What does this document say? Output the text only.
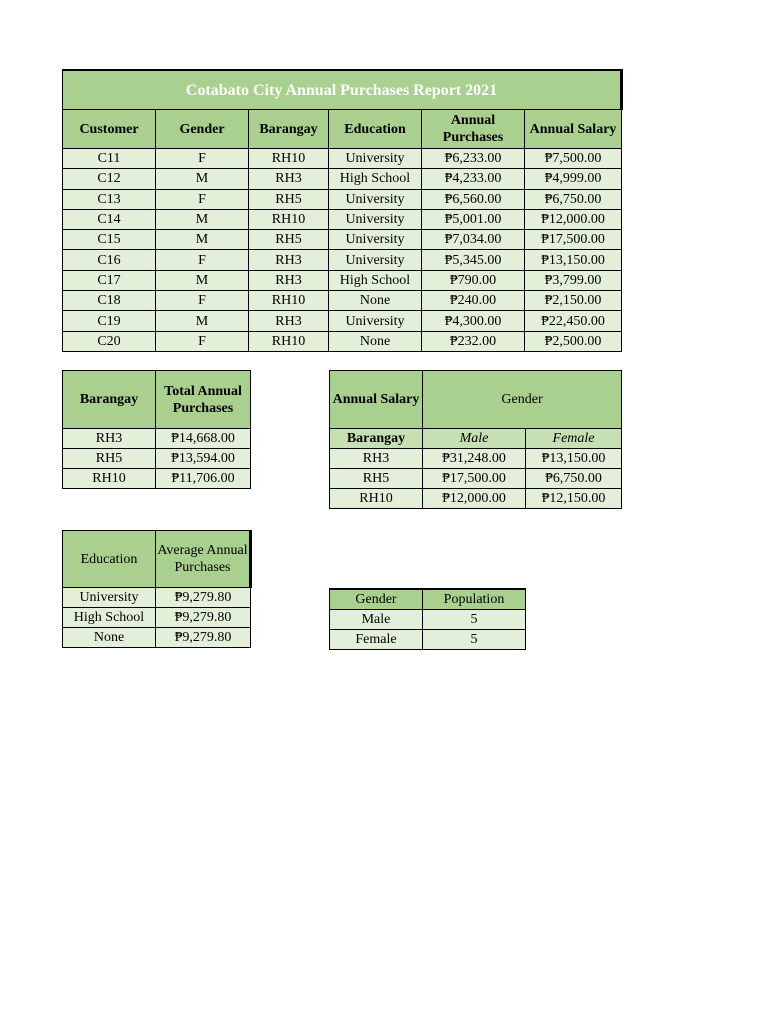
Cotabato City Annual Purchases Report 2021					
Customer	Gender	Barangay	Education	Annual Purchases	Annual Salary
C11	F	RH10	University	₱6,233.00	₱7,500.00
C12	M	RH3	High School	₱4,233.00	₱4,999.00
C13	F	RH5	University	₱6,560.00	₱6,750.00
C14	M	RH10	University	₱5,001.00	₱12,000.00
C15	M	RH5	University	₱7,034.00	₱17,500.00
C16	F	RH3	University	₱5,345.00	₱13,150.00
C17	M	RH3	High School	₱790.00	₱3,799.00
C18	F	RH10	None	₱240.00	₱2,150.00
C19	M	RH3	University	₱4,300.00	₱22,450.00
C20	F	RH10	None	₱232.00	₱2,500.00
Barangay	Total Annual Purchases
RH3	₱14,668.00
RH5	₱13,594.00
RH10	₱11,706.00
Annual Salary	Gender	
Barangay	Male	Female
RH3	₱31,248.00	₱13,150.00
RH5	₱17,500.00	₱6,750.00
RH10	₱12,000.00	₱12,150.00
Education	Average Annual Purchases
University	₱9,279.80
High School	₱9,279.80
None	₱9,279.80
Gender	Population
Male	5
Female	5
